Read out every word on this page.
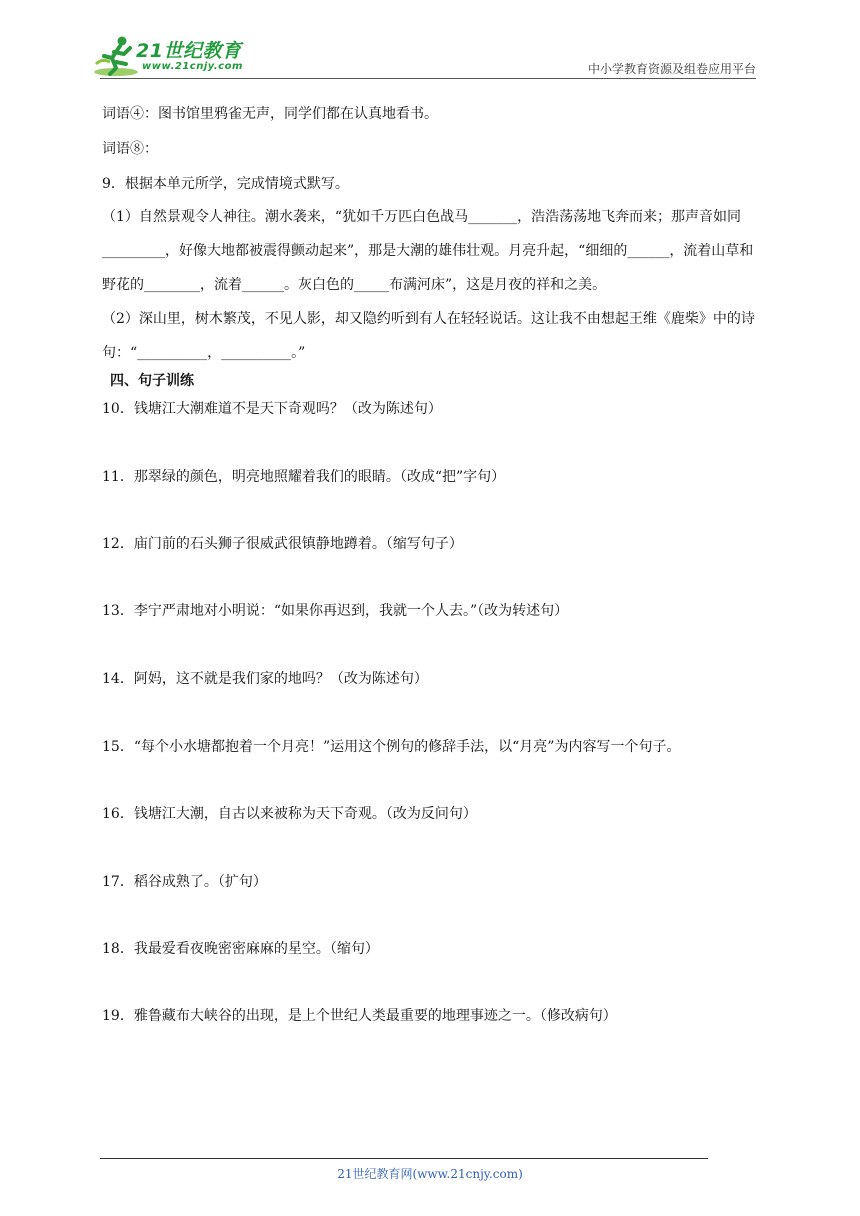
21世纪教育
www.21cnjy.com	中小学教育资源及组卷应用平台
词语④：图书馆里鸦雀无声，同学们都在认真地看书。
词语⑧：
9．根据本单元所学，完成情境式默写。
（1）自然景观令人神往。潮水袭来，“犹如千万匹白色战马_______，浩浩荡荡地飞奔而来；那声音如同_________，好像大地都被震得颤动起来”，那是大潮的雄伟壮观。月亮升起，“细细的______，流着山草和野花的________，流着______。灰白色的_____布满河床”，这是月夜的祥和之美。
（2）深山里，树木繁茂，不见人影，却又隐约听到有人在轻轻说话。这让我不由想起王维《鹿柴》中的诗句：“__________，__________。”
四、句子训练
10．钱塘江大潮难道不是天下奇观吗？（改为陈述句）
11．那翠绿的颜色，明亮地照耀着我们的眼睛。（改成“把”字句）
12．庙门前的石头狮子很威武很镇静地蹲着。（缩写句子）
13．李宁严肃地对小明说：“如果你再迟到，我就一个人去。”（改为转述句）
14．阿妈，这不就是我们家的地吗？（改为陈述句）
15．“每个小水塘都抱着一个月亮！”运用这个例句的修辞手法，以“月亮”为内容写一个句子。
16．钱塘江大潮，自古以来被称为天下奇观。（改为反问句）
17．稻谷成熟了。（扩句）
18．我最爱看夜晚密密麻麻的星空。（缩句）
19．雅鲁藏布大峡谷的出现，是上个世纪人类最重要的地理事迹之一。（修改病句）
21世纪教育网(www.21cnjy.com)
